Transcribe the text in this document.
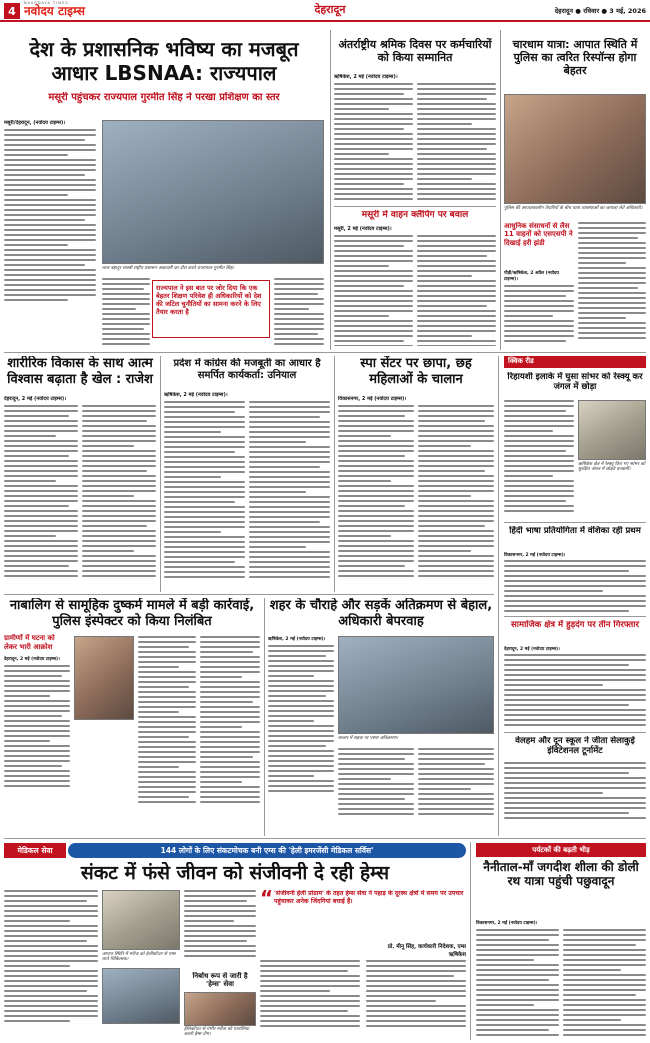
4
NAVODAYA TIMES
नवोदय टाइम्स	देहरादून	देहरादून ● रविवार ● 3 मई, 2026
देश के प्रशासनिक भविष्य का मजबूत आधार LBSNAA: राज्यपाल
मसूरी पहुंचकर राज्यपाल गुरमीत सिंह ने परखा प्रशिक्षण का स्तर
मसूरी/देहरादून, (नवोदय टाइम्स)।
लाल बहादुर शास्त्री राष्ट्रीय प्रशासन अकादमी का दौरा करते राज्यपाल गुरमीत सिंह।
राज्यपाल ने इस बात पर जोर दिया कि एक बेहतर शिक्षण परिवेश ही अधिकारियों को देश की जटिल चुनौतियों का सामना करने के लिए तैयार करता है
अंतर्राष्ट्रीय श्रमिक दिवस पर कर्मचारियों को किया सम्मानित
ऋषिकेश, 2 मई (नवोदय टाइम्स)।
मसूरी में वाहन क्लैंपिंग पर बवाल
मसूरी, 2 मई (नवोदय टाइम्स)।
चारधाम यात्रा: आपात स्थिति में पुलिस का त्वरित रिस्पॉन्स होगा बेहतर
पुलिस की आपातकालीन तैयारियों के बीच यात्रा व्यवस्थाओं का जायजा लेते अधिकारी।
आधुनिक संसाधनों से लैस 11 वाहनों को एसएसपी ने दिखाई हरी झंडी
पौड़ी/ऋषिकेश, 2 अप्रैल (नवोदय टाइम्स)।
शारीरिक विकास के साथ आत्म विश्वास बढ़ाता है खेल : राजेश
देहरादून, 2 मई (नवोदय टाइम्स)।
प्रदेश में कांग्रेस की मजबूती का आधार है समर्पित कार्यकर्ता: उनियाल
ऋषिकेश, 2 मई (नवोदय टाइम्स)।
स्पा सेंटर पर छापा, छह महिलाओं के चालान
विकासनगर, 2 मई (नवोदय टाइम्स)।
क्विक रीड
रिहायशी इलाके में घुसा सांभर को रेस्क्यू कर जंगल में छोड़ा
ऋषिकेश क्षेत्र में रेस्क्यू किए गए सांभर को सुरक्षित जंगल में छोड़ते वनकर्मी।
हिंदी भाषा प्रतियोगिता में वंशिका रही प्रथम
विकासनगर, 2 मई (नवोदय टाइम्स)।
सामाजिक क्षेत्र में हुड़दंग पर तीन गिरफ्तार
देहरादून, 2 मई (नवोदय टाइम्स)।
वेलहम और दून स्कूल ने जीता सेलाकुई इंविटेशनल टूर्नामेंट
नाबालिग से सामूहिक दुष्कर्म मामले में बड़ी कार्रवाई, पुलिस इंस्पेक्टर को किया निलंबित
ग्रामीणों में घटना को लेकर भारी आक्रोश
देहरादून, 2 मई (नवोदय टाइम्स)।
शहर के चौराहे और सड़कें अतिक्रमण से बेहाल, अधिकारी बेपरवाह
ऋषिकेश, 2 मई (नवोदय टाइम्स)।
बाजार में सड़क पर पसरा अतिक्रमण।
मेडिकल सेवा	144 लोगों के लिए संकटमोचक बनी एम्स की 'हेली इमरजेंसी मेडिकल सर्विस'
संकट में फंसे जीवन को संजीवनी दे रही हेम्स
आपात स्थिति में मरीज को हेलीकॉप्टर से एम्स लाते चिकित्सक।
निर्बाध रूप से जारी है 'हेम्स' सेवा
हेलिकॉप्टर से गंभीर मरीज को एयरलिफ्ट करती हेम्स टीम।
“ 'संजीवनी हेली प्रोग्राम' के तहत हेम्स सेवा ने पहाड़ के दूरस्थ क्षेत्रों में समय पर उपचार पहुंचाकर अनेक जिंदगियां बचाई हैं।
प्रो. मीनू सिंह, कार्यकारी निदेशक, एम्स ऋषिकेश
पर्यटकों की बढ़ती भीड़
नैनीताल-माँ जगदीश शीला की डोली रथ यात्रा पहुंची पछुवादून
विकासनगर, 2 मई (नवोदय टाइम्स)।
